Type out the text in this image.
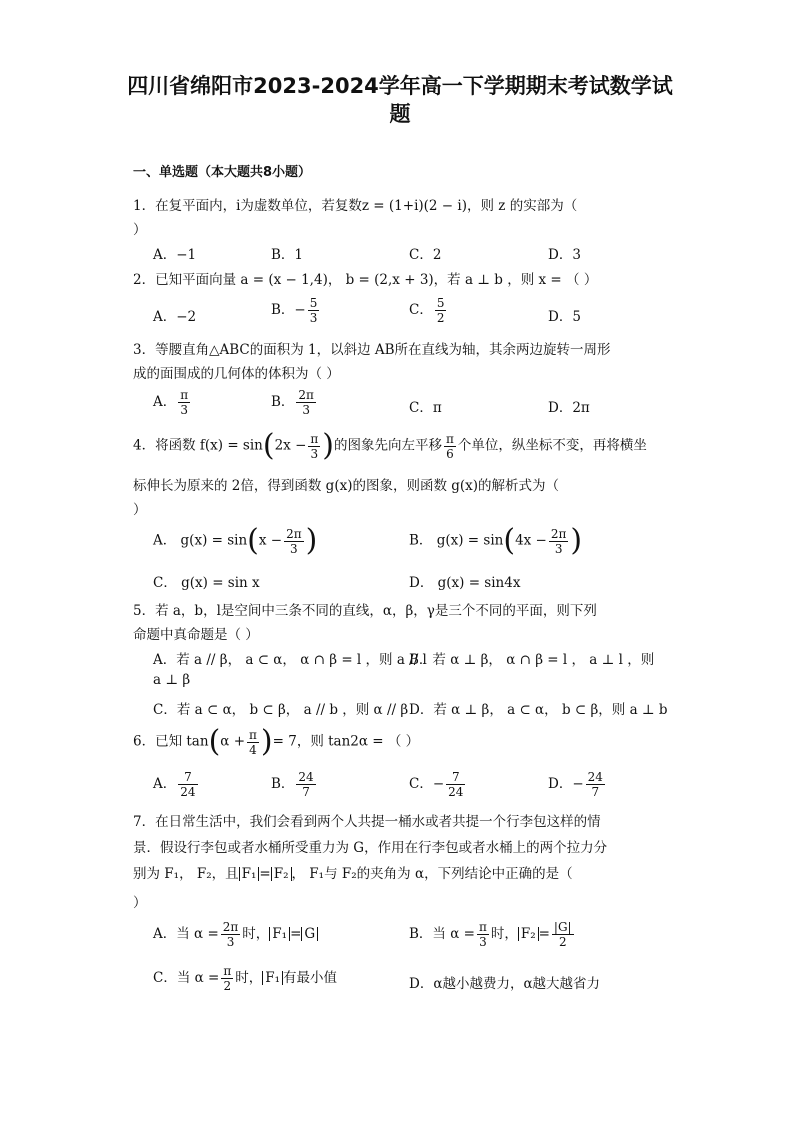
四川省绵阳市2023-2024学年高一下学期期末考试数学试
题
一、单选题（本大题共8小题）
1．在复平面内，i为虚数单位，若复数z = (1+i)(2 − i)，则 z 的实部为（
）
A．−1	B．1	C．2	D．3
2．已知平面向量 a = (x − 1,4)， b = (2,x + 3)，若 a ⊥ b ，则 x = （ ）
A．−2	B．− $\frac{5}{3}$	C． $\frac{5}{2}$	D．5
3．等腰直角△ABC的面积为 1，以斜边 AB所在直线为轴，其余两边旋转一周形
成的面围成的几何体的体积为（ ）
A． $\frac{\pi}{3}$	B． $\frac{2\pi}{3}$	C．π	D．2π
4．将函数 $f(x) = \sin(2x - \frac{\pi}{3}$ )的图象先向左平移 $\frac{\pi}{6}$ 个单位，纵坐标不变，再将横坐
标伸长为原来的 2倍，得到函数 g(x)的图象，则函数 g(x)的解析式为（
）
A． $g(x) = \sin(x - \frac{2\pi}{3}$ )	B． $g(x) = \sin(4x - \frac{2\pi}{3}$ )
C． g(x) = sin x	D． g(x) = sin4x
5．若 a，b，l是空间中三条不同的直线，α，β，γ是三个不同的平面，则下列
命题中真命题是（ ）
A．若 a // β， a ⊂ α， α ∩ β = l ，则 a // l
B．若 α ⊥ β， α ∩ β = l ， a ⊥ l ，则
a ⊥ β
C．若 a ⊂ α， b ⊂ β， a // b ，则 α // β D．若 α ⊥ β， a ⊂ α， b ⊂ β，则 a ⊥ b
6．已知 $\tan(\alpha + \frac{\pi}{4}$ )= 7，则 tan2α = （ ）
A． $\frac{7}{24}$	B． $\frac{24}{7}$	C．− $\frac{7}{24}$	D．− $\frac{24}{7}$
7．在日常生活中，我们会看到两个人共提一桶水或者共提一个行李包这样的情
景．假设行李包或者水桶所受重力为 G，作用在行李包或者水桶上的两个拉力分
别为 F₁， F₂，且 F₁ = F₂ ， F₁与 F₂的夹角为 α，下列结论中正确的是（
）
A．当 $\alpha = \frac{2\pi}{3}$ 时， F₁ = G	B．当 $\alpha = \frac{\pi}{3}$ 时， $F_2 = \frac{|G|}{2}$
C．当 $\alpha = \frac{\pi}{2}$ 时， F₁ 有最小值	D．α越小越费力，α越大越省力
